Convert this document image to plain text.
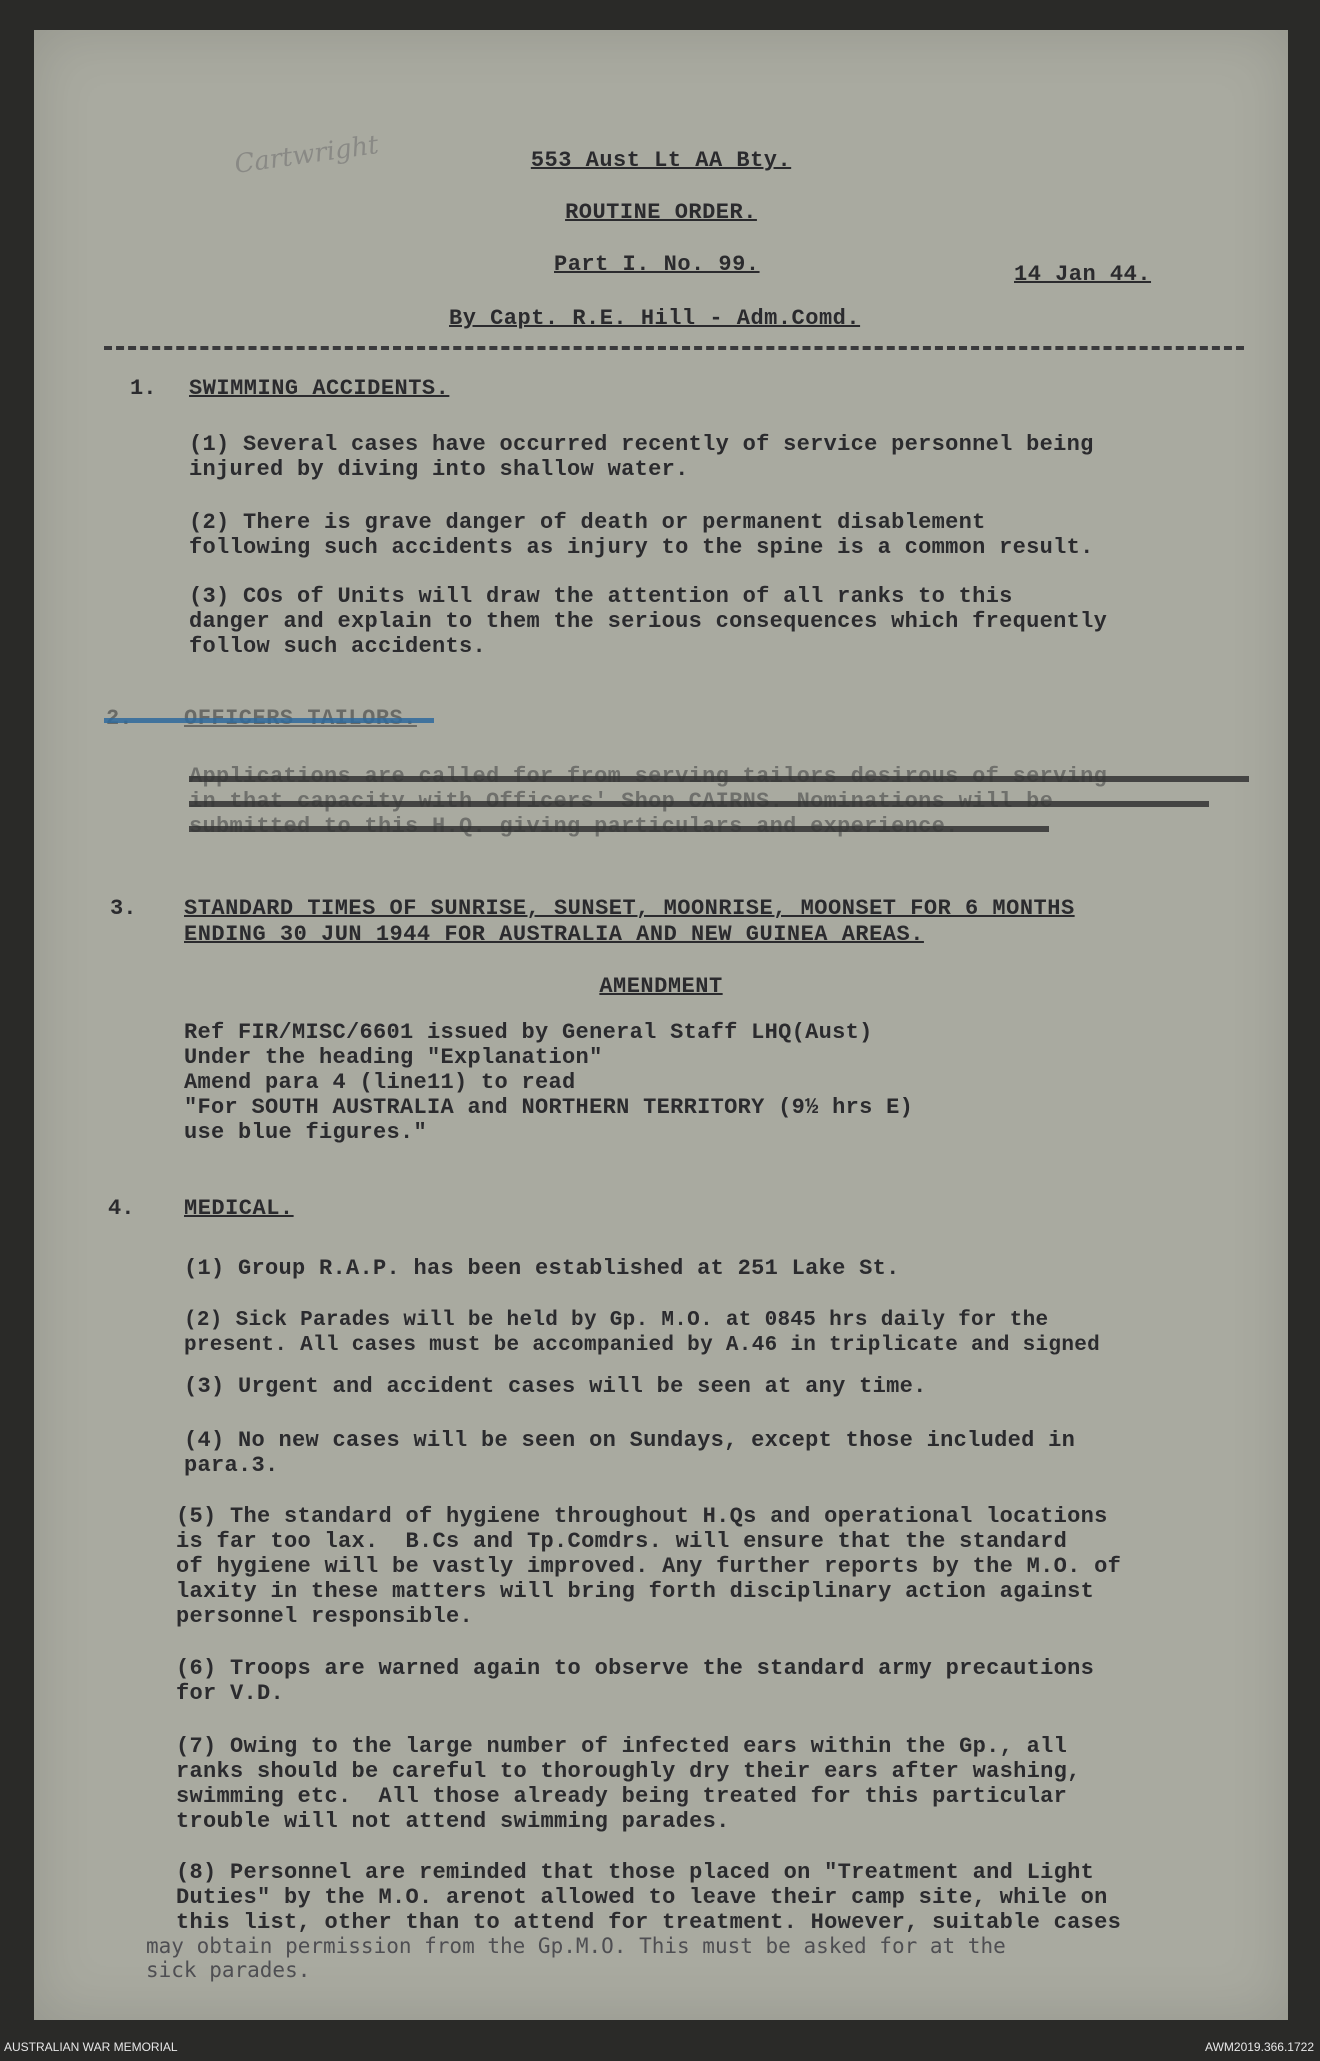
Cartwright	553 Aust Lt AA Bty.
ROUTINE ORDER.
Part I. No. 99.	14 Jan 44.
By Capt. R.E. Hill - Adm.Comd.
1. SWIMMING ACCIDENTS.
(1) Several cases have occurred recently of service personnel being
injured by diving into shallow water.
(2) There is grave danger of death or permanent disablement
following such accidents as injury to the spine is a common result.
(3) COs of Units will draw the attention of all ranks to this
danger and explain to them the serious consequences which frequently
follow such accidents.
3. STANDARD TIMES OF SUNRISE, SUNSET, MOONRISE, MOONSET FOR 6 MONTHS
ENDING 30 JUN 1944 FOR AUSTRALIA AND NEW GUINEA AREAS.
AMENDMENT
Ref FIR/MISC/6601 issued by General Staff LHQ(Aust)
Under the heading "Explanation"
Amend para 4 (line11) to read
"For SOUTH AUSTRALIA and NORTHERN TERRITORY (9½ hrs E)
use blue figures."
4. MEDICAL.
(1) Group R.A.P. has been established at 251 Lake St.
(2) Sick Parades will be held by Gp. M.O. at 0845 hrs daily for the
present. All cases must be accompanied by A.46 in triplicate and signed
(3) Urgent and accident cases will be seen at any time.
(4) No new cases will be seen on Sundays, except those included in
para.3.
(5) The standard of hygiene throughout H.Qs and operational locations
is far too lax.  B.Cs and Tp.Comdrs. will ensure that the standard
of hygiene will be vastly improved. Any further reports by the M.O. of
laxity in these matters will bring forth disciplinary action against
personnel responsible.
(6) Troops are warned again to observe the standard army precautions
for V.D.
(7) Owing to the large number of infected ears within the Gp., all
ranks should be careful to thoroughly dry their ears after washing,
swimming etc.  All those already being treated for this particular
trouble will not attend swimming parades.
(8) Personnel are reminded that those placed on "Treatment and Light
Duties" by the M.O. arenot allowed to leave their camp site, while on
this list, other than to attend for treatment. However, suitable cases
may obtain permission from the Gp.M.O. This must be asked for at the
sick parades.
AUSTRALIAN WAR MEMORIAL	AWM2019.366.1722
